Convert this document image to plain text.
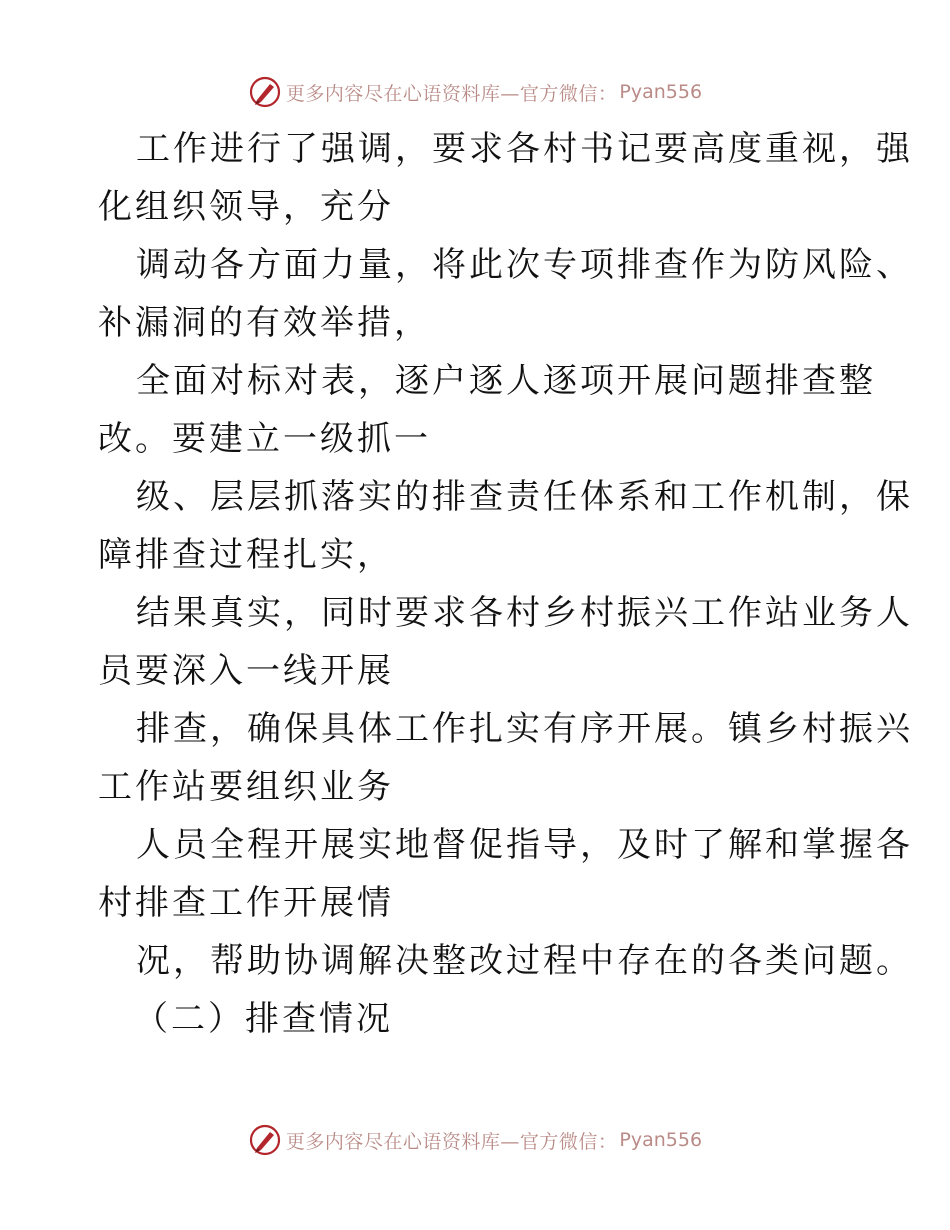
更多内容尽在心语资料库—官方微信： Pyan556
工作进行了强调，要求各村书记要高度重视，强
化组织领导，充分
调动各方面力量，将此次专项排查作为防风险、
补漏洞的有效举措，
全面对标对表，逐户逐人逐项开展问题排查整
改。要建立一级抓一
级、层层抓落实的排查责任体系和工作机制，保
障排查过程扎实，
结果真实，同时要求各村乡村振兴工作站业务人
员要深入一线开展
排查，确保具体工作扎实有序开展。镇乡村振兴
工作站要组织业务
人员全程开展实地督促指导，及时了解和掌握各
村排查工作开展情
况，帮助协调解决整改过程中存在的各类问题。
（二）排查情况
更多内容尽在心语资料库—官方微信： Pyan556
